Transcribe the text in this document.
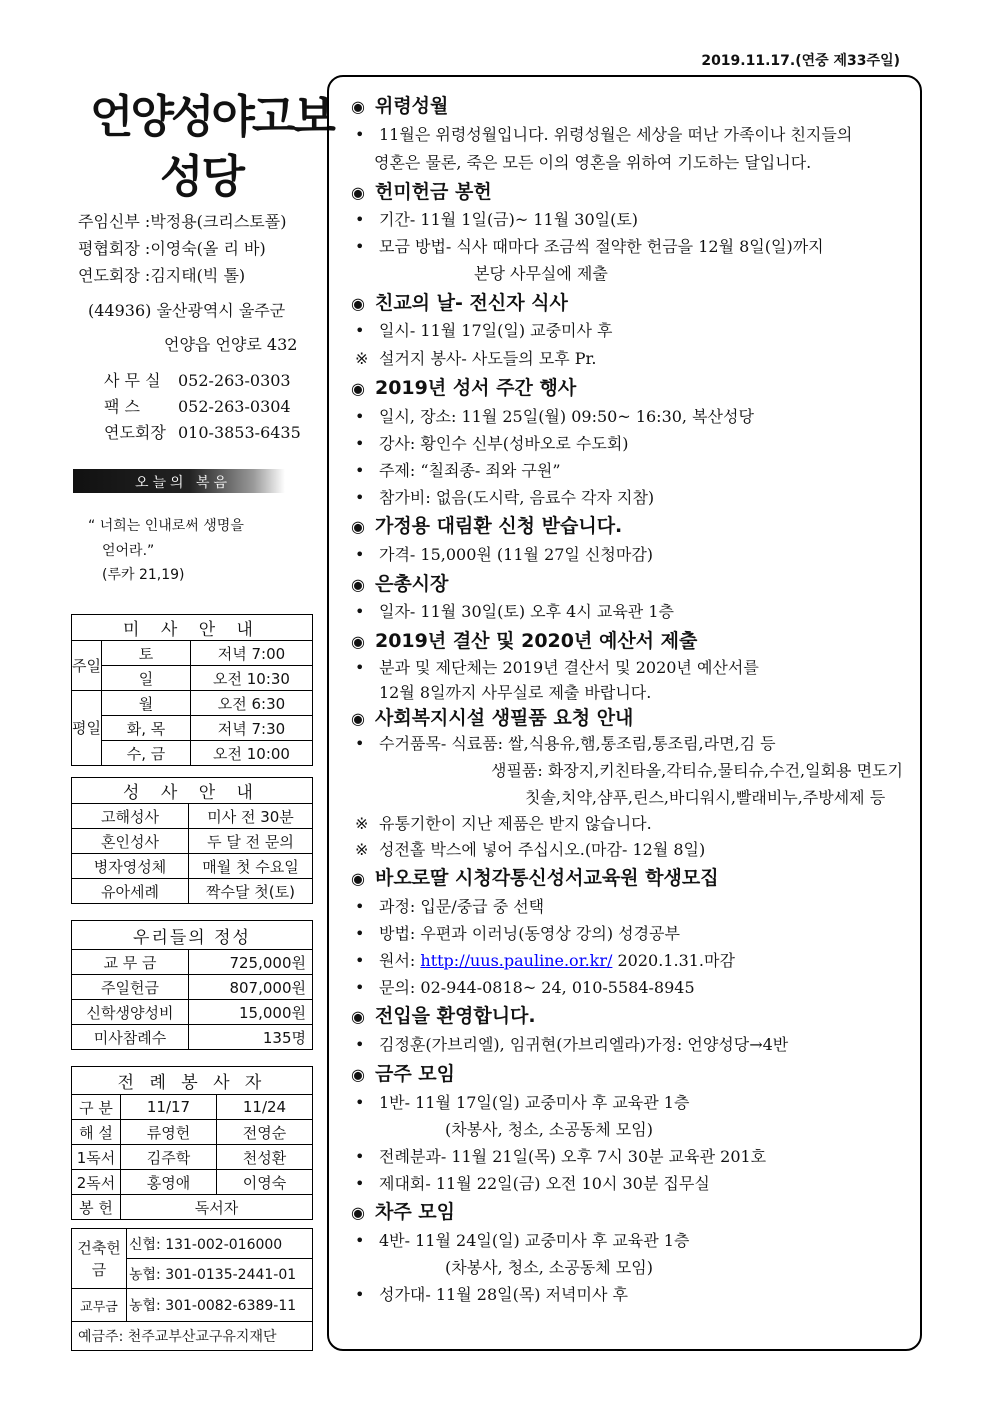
2019.11.17.(연중 제33주일)
언양성야고보
성당
주임신부 :박정용(크리스토폴)
평협회장 :이영숙(올 리 바)
연도회장 :김지태(빅 톨)
(44936) 울산광역시 울주군
언양읍 언양로 432
사 무 실 052-263-0303
팩 스 052-263-0304
연도회장 010-3853-6435
오늘의 복음
“ 너희는 인내로써 생명을
얻어라.”
(루카 21,19)
미 사 안 내		
주일	토	저녁 7:00
	일	오전 10:30
평일	월	오전 6:30
	화, 목	저녁 7:30
	수, 금	오전 10:00
성 사 안 내	
고해성사	미사 전 30분
혼인성사	두 달 전 문의
병자영성체	매월 첫 수요일
유아세례	짝수달 첫(토)
우리들의 정성	
교 무 금	725,000원
주일헌금	807,000원
신학생양성비	15,000원
미사참례수	135명
전 례 봉 사 자		
구 분	11/17	11/24
해 설	류영헌	전영순
1독서	김주학	천성환
2독서	홍영애	이영숙
봉 헌	독서자	
건축헌금	신협: 131-002-016000
	농협: 301-0135-2441-01
교무금	농협: 301-0082-6389-11
예금주: 천주교부산교구유지재단	
◉ 위령성월
• 11월은 위령성월입니다. 위령성월은 세상을 떠난 가족이나 친지들의
영혼은 물론, 죽은 모든 이의 영혼을 위하여 기도하는 달입니다.
◉ 헌미헌금 봉헌
• 기간- 11월 1일(금)~ 11월 30일(토)
• 모금 방법- 식사 때마다 조금씩 절약한 헌금을 12월 8일(일)까지
본당 사무실에 제출
◉ 친교의 날- 전신자 식사
• 일시- 11월 17일(일) 교중미사 후
※ 설거지 봉사- 사도들의 모후 Pr.
◉ 2019년 성서 주간 행사
• 일시, 장소: 11월 25일(월) 09:50~ 16:30, 복산성당
• 강사: 황인수 신부(성바오로 수도회)
• 주제: “칠죄종- 죄와 구원”
• 참가비: 없음(도시락, 음료수 각자 지참)
◉ 가정용 대림환 신청 받습니다.
• 가격- 15,000원 (11월 27일 신청마감)
◉ 은총시장
• 일자- 11월 30일(토) 오후 4시 교육관 1층
◉ 2019년 결산 및 2020년 예산서 제출
• 분과 및 제단체는 2019년 결산서 및 2020년 예산서를
12월 8일까지 사무실로 제출 바랍니다.
◉ 사회복지시설 생필품 요청 안내
• 수거품목- 식료품: 쌀,식용유,햄,통조림,통조림,라면,김 등
생필품: 화장지,키친타올,각티슈,물티슈,수건,일회용 면도기
칫솔,치약,샴푸,린스,바디워시,빨래비누,주방세제 등
※ 유통기한이 지난 제품은 받지 않습니다.
※ 성전홀 박스에 넣어 주십시오.(마감- 12월 8일)
◉ 바오로딸 시청각통신성서교육원 학생모집
• 과정: 입문/중급 중 선택
• 방법: 우편과 이러닝(동영상 강의) 성경공부
• 원서: http://uus.pauline.or.kr/ 2020.1.31.마감
• 문의: 02-944-0818~ 24, 010-5584-8945
◉ 전입을 환영합니다.
• 김정훈(가브리엘), 임귀현(가브리엘라)가정: 언양성당→4반
◉ 금주 모임
• 1반- 11월 17일(일) 교중미사 후 교육관 1층
(차봉사, 청소, 소공동체 모임)
• 전례분과- 11월 21일(목) 오후 7시 30분 교육관 201호
• 제대회- 11월 22일(금) 오전 10시 30분 집무실
◉ 차주 모임
• 4반- 11월 24일(일) 교중미사 후 교육관 1층
(차봉사, 청소, 소공동체 모임)
• 성가대- 11월 28일(목) 저녁미사 후
